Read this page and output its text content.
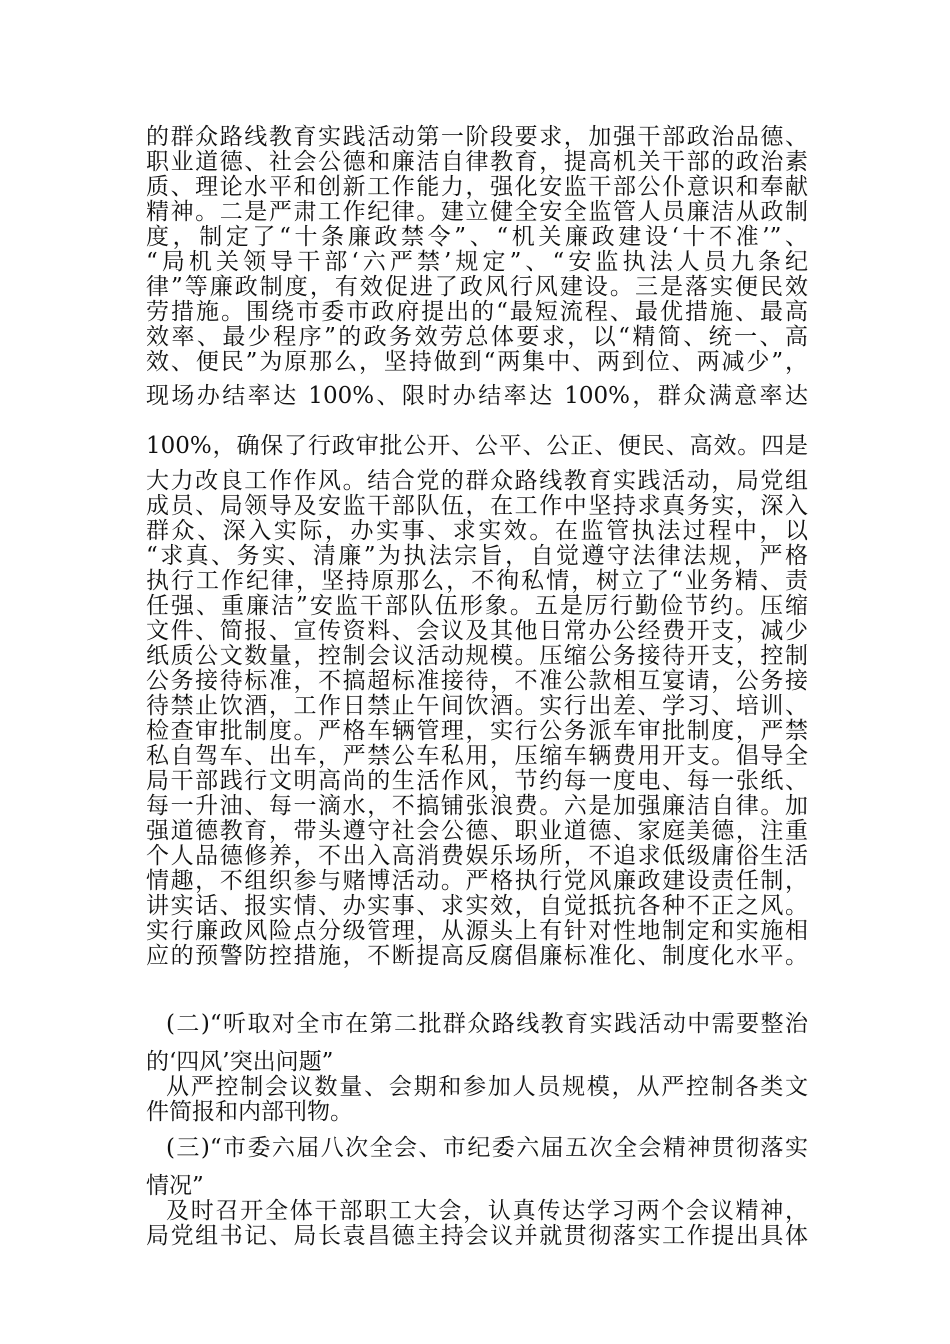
的群众路线教育实践活动第一阶段要求，加强干部政治品德、
职业道德、社会公德和廉洁自律教育，提高机关干部的政治素
质、理论水平和创新工作能力，强化安监干部公仆意识和奉献
精神。二是严肃工作纪律。建立健全安全监管人员廉洁从政制
度，制定了“十条廉政禁令”、“机关廉政建设‘十不准’”、
“局机关领导干部‘六严禁’规定”、“安监执法人员九条纪
律”等廉政制度，有效促进了政风行风建设。三是落实便民效
劳措施。围绕市委市政府提出的“最短流程、最优措施、最高
效率、最少程序”的政务效劳总体要求，以“精简、统一、高
效、便民”为原那么，坚持做到“两集中、两到位、两减少”，
现场办结率达 100%、限时办结率达 100%，群众满意率达
100%，确保了行政审批公开、公平、公正、便民、高效。四是
大力改良工作作风。结合党的群众路线教育实践活动，局党组
成员、局领导及安监干部队伍，在工作中坚持求真务实，深入
群众、深入实际，办实事、求实效。在监管执法过程中，以
“求真、务实、清廉”为执法宗旨，自觉遵守法律法规，严格
执行工作纪律，坚持原那么，不徇私情，树立了“业务精、责
任强、重廉洁”安监干部队伍形象。五是厉行勤俭节约。压缩
文件、简报、宣传资料、会议及其他日常办公经费开支，减少
纸质公文数量，控制会议活动规模。压缩公务接待开支，控制
公务接待标准，不搞超标准接待，不准公款相互宴请，公务接
待禁止饮酒，工作日禁止午间饮酒。实行出差、学习、培训、
检查审批制度。严格车辆管理，实行公务派车审批制度，严禁
私自驾车、出车，严禁公车私用，压缩车辆费用开支。倡导全
局干部践行文明高尚的生活作风，节约每一度电、每一张纸、
每一升油、每一滴水，不搞铺张浪费。六是加强廉洁自律。加
强道德教育，带头遵守社会公德、职业道德、家庭美德，注重
个人品德修养，不出入高消费娱乐场所，不追求低级庸俗生活
情趣，不组织参与赌博活动。严格执行党风廉政建设责任制，
讲实话、报实情、办实事、求实效，自觉抵抗各种不正之风。
实行廉政风险点分级管理，从源头上有针对性地制定和实施相
应的预警防控措施，不断提高反腐倡廉标准化、制度化水平。
(二)“听取对全市在第二批群众路线教育实践活动中需要整治
的‘四风’突出问题”
从严控制会议数量、会期和参加人员规模，从严控制各类文
件简报和内部刊物。
(三)“市委六届八次全会、市纪委六届五次全会精神贯彻落实
情况”
及时召开全体干部职工大会，认真传达学习两个会议精神，
局党组书记、局长袁昌德主持会议并就贯彻落实工作提出具体
